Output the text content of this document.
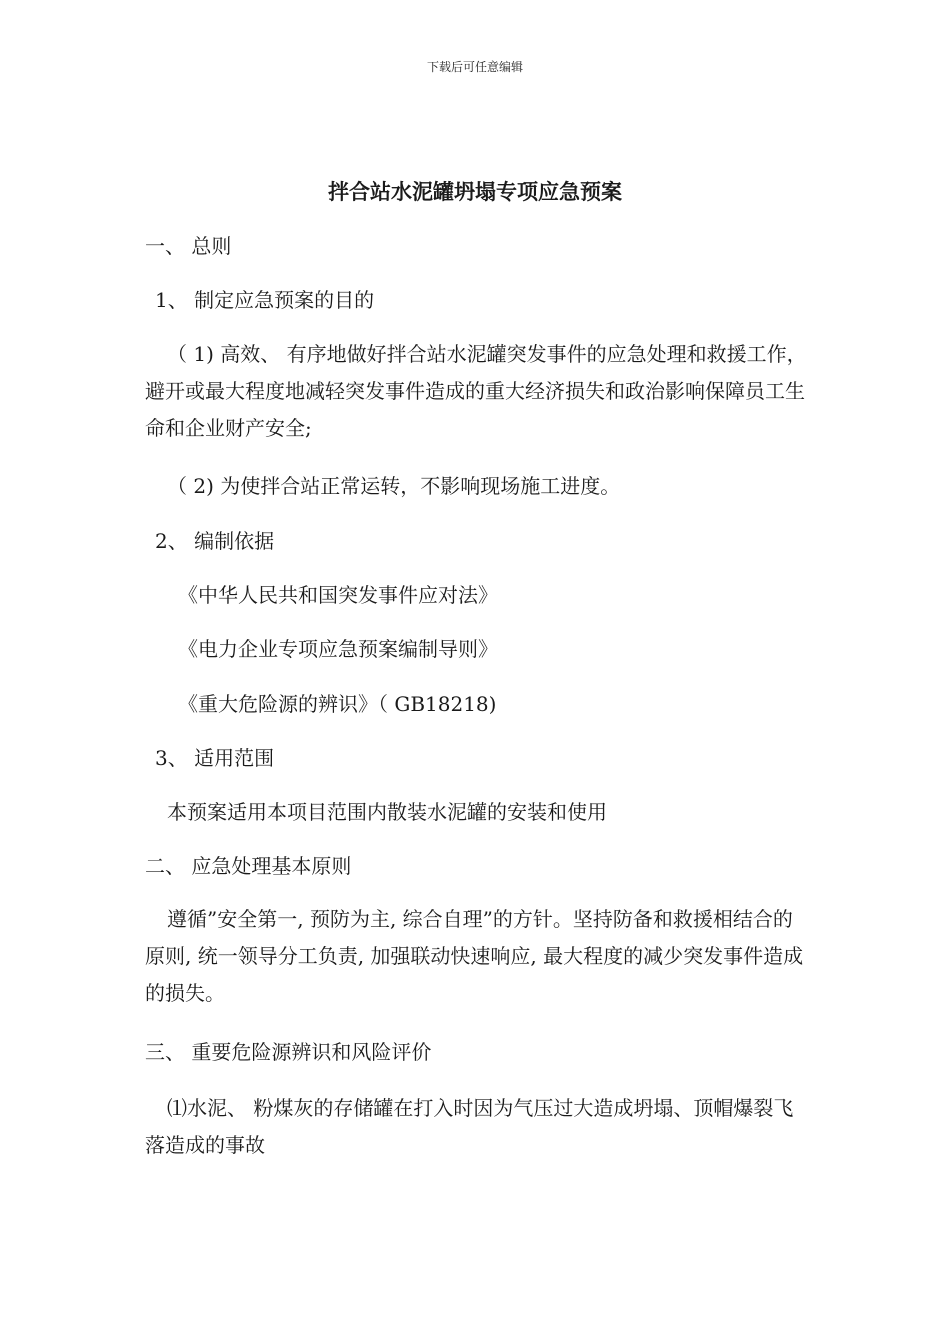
下载后可任意编辑
拌合站水泥罐坍塌专项应急预案
一、 总则
1、 制定应急预案的目的
（ 1) 高效、 有序地做好拌合站水泥罐突发事件的应急处理和救援工作，避开或最大程度地减轻突发事件造成的重大经济损失和政治影响保障员工生命和企业财产安全;
（ 2) 为使拌合站正常运转，不影响现场施工进度。
2、 编制依据
《中华人民共和国突发事件应对法》
《电力企业专项应急预案编制导则》
《重大危险源的辨识》（ GB18218)
3、 适用范围
本预案适用本项目范围内散装水泥罐的安装和使用
二、 应急处理基本原则
遵循”安全第一, 预防为主, 综合自理”的方针。坚持防备和救援相结合的原则, 统一领导分工负责, 加强联动快速响应, 最大程度的减少突发事件造成的损失。
三、 重要危险源辨识和风险评价
⑴水泥、 粉煤灰的存储罐在打入时因为气压过大造成坍塌、顶帽爆裂飞落造成的事故
